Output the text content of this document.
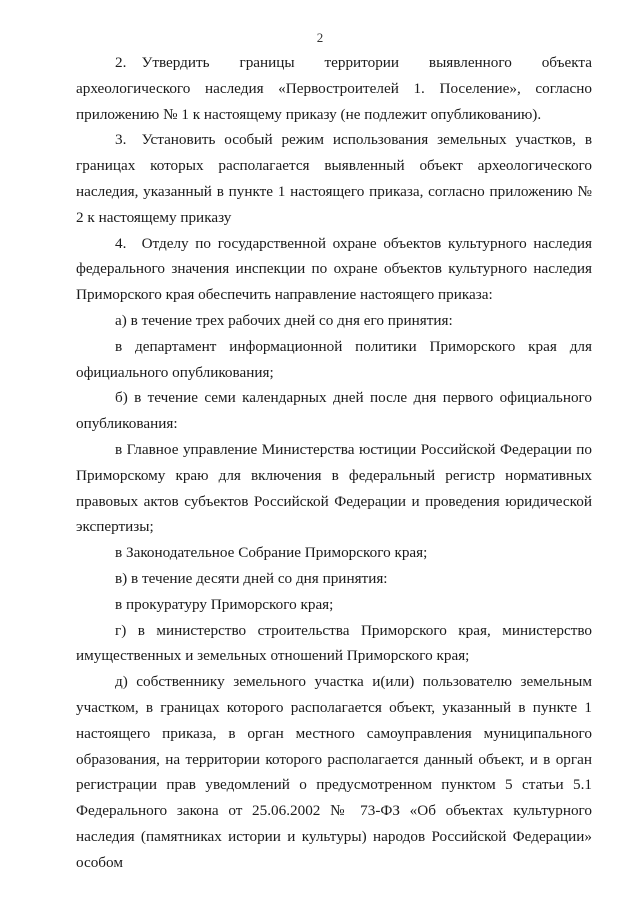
2

2. Утвердить границы территории выявленного объекта археологического наследия «Первостроителей 1. Поселение», согласно приложению № 1 к настоящему приказу (не подлежит опубликованию).

3. Установить особый режим использования земельных участков, в границах которых располагается выявленный объект археологического наследия, указанный в пункте 1 настоящего приказа, согласно приложению № 2 к настоящему приказу

4. Отделу по государственной охране объектов культурного наследия федерального значения инспекции по охране объектов культурного наследия Приморского края обеспечить направление настоящего приказа:

а) в течение трех рабочих дней со дня его принятия:

в департамент информационной политики Приморского края для официального опубликования;

б) в течение семи календарных дней после дня первого официального опубликования:

в Главное управление Министерства юстиции Российской Федерации по Приморскому краю для включения в федеральный регистр нормативных правовых актов субъектов Российской Федерации и проведения юридической экспертизы;

в Законодательное Собрание Приморского края;

в) в течение десяти дней со дня принятия:

в прокуратуру Приморского края;

г) в министерство строительства Приморского края, министерство имущественных и земельных отношений Приморского края;

д) собственнику земельного участка и(или) пользователю земельным участком, в границах которого располагается объект, указанный в пункте 1 настоящего приказа, в орган местного самоуправления муниципального образования, на территории которого располагается данный объект, и в орган регистрации прав уведомлений о предусмотренном пунктом 5 статьи 5.1 Федерального закона от 25.06.2002 № 73-ФЗ «Об объектах культурного наследия (памятниках истории и культуры) народов Российской Федерации» особом
